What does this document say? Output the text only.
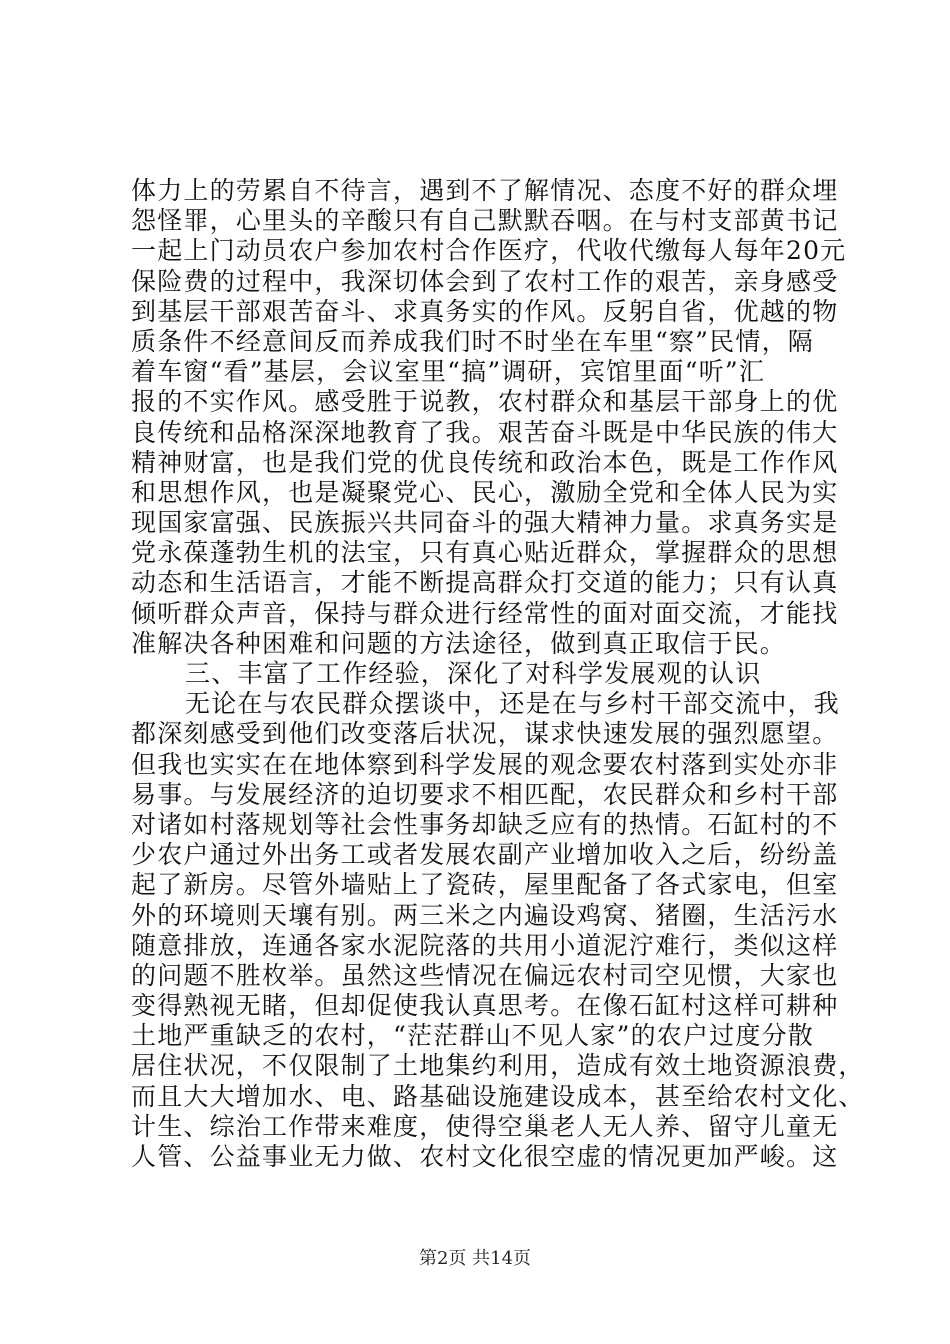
体力上的劳累自不待言，遇到不了解情况、态度不好的群众埋
怨怪罪，心里头的辛酸只有自己默默吞咽。在与村支部黄书记
一起上门动员农户参加农村合作医疗，代收代缴每人每年20元
保险费的过程中，我深切体会到了农村工作的艰苦，亲身感受
到基层干部艰苦奋斗、求真务实的作风。反躬自省，优越的物
质条件不经意间反而养成我们时不时坐在车里“察”民情，隔
着车窗“看”基层，会议室里“搞”调研，宾馆里面“听”汇
报的不实作风。感受胜于说教，农村群众和基层干部身上的优
良传统和品格深深地教育了我。艰苦奋斗既是中华民族的伟大
精神财富，也是我们党的优良传统和政治本色，既是工作作风
和思想作风，也是凝聚党心、民心，激励全党和全体人民为实
现国家富强、民族振兴共同奋斗的强大精神力量。求真务实是
党永葆蓬勃生机的法宝，只有真心贴近群众，掌握群众的思想
动态和生活语言，才能不断提高群众打交道的能力；只有认真
倾听群众声音，保持与群众进行经常性的面对面交流，才能找
准解决各种困难和问题的方法途径，做到真正取信于民。
三、丰富了工作经验，深化了对科学发展观的认识
无论在与农民群众摆谈中，还是在与乡村干部交流中，我
都深刻感受到他们改变落后状况，谋求快速发展的强烈愿望。
但我也实实在在地体察到科学发展的观念要农村落到实处亦非
易事。与发展经济的迫切要求不相匹配，农民群众和乡村干部
对诸如村落规划等社会性事务却缺乏应有的热情。石缸村的不
少农户通过外出务工或者发展农副产业增加收入之后，纷纷盖
起了新房。尽管外墙贴上了瓷砖，屋里配备了各式家电，但室
外的环境则天壤有别。两三米之内遍设鸡窝、猪圈，生活污水
随意排放，连通各家水泥院落的共用小道泥泞难行，类似这样
的问题不胜枚举。虽然这些情况在偏远农村司空见惯，大家也
变得熟视无睹，但却促使我认真思考。在像石缸村这样可耕种
土地严重缺乏的农村，“茫茫群山不见人家”的农户过度分散
居住状况，不仅限制了土地集约利用，造成有效土地资源浪费，
而且大大增加水、电、路基础设施建设成本，甚至给农村文化、
计生、综治工作带来难度，使得空巢老人无人养、留守儿童无
人管、公益事业无力做、农村文化很空虚的情况更加严峻。这
第2页 共14页
